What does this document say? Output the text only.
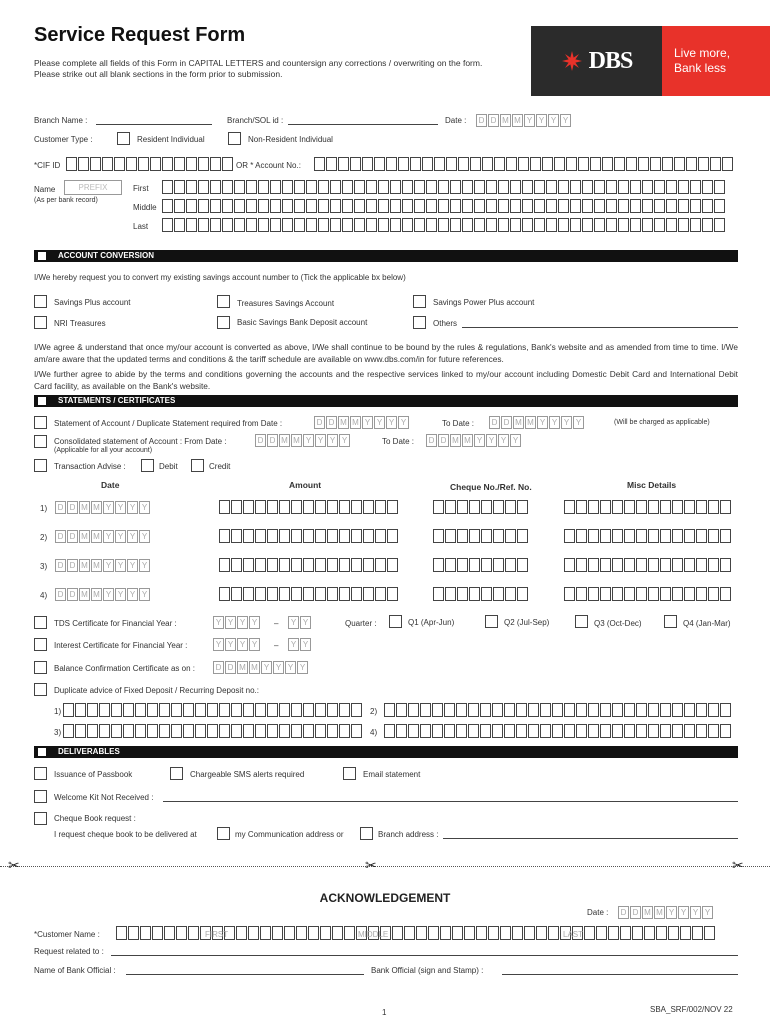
Service Request Form
Please complete all fields of this Form in CAPITAL LETTERS and countersign any corrections / overwriting on the form. Please strike out all blank sections in the form prior to submission.
DBS	Live more,
Bank less
Branch Name :	Branch/SOL id :	Date :	D D M M Y Y Y Y
Customer Type :	Resident Individual	Non-Resident Individual
*CIF ID	OR * Account No.:
Name
(As per bank record)
PREFIX	First
Middle
Last
ACCOUNT CONVERSION
I/We hereby request you to convert my existing savings account number to (Tick the applicable bx below)
Savings Plus account	Treasures Savings Account	Savings Power Plus account
NRI Treasures	Basic Savings Bank Deposit account	Others
I/We agree & understand that once my/our account is converted as above, I/We shall continue to be bound by the rules & regulations, Bank's website and as amended from time to time. I/We am/are aware that the updated terms and conditions & the tariff schedule are available on www.dbs.com/in for future references.
I/We further agree to abide by the terms and conditions governing the accounts and the respective services linked to my/our account including Domestic Debit Card and International Debit Card facility, as available on the Bank's website.
STATEMENTS / CERTIFICATES
Statement of Account / Duplicate Statement required from Date :	D D M M Y Y Y Y	To Date :	D D M M Y Y Y Y	(Will be charged as applicable)
Consolidated statement of Account : From Date :
(Applicable for all your account)
D D M M Y Y Y Y	To Date :	D D M M Y Y Y Y
Transaction Advise :	Debit	Credit
Date	Amount	Cheque No./Ref. No.	Misc Details
1)	D D M M Y Y Y Y
2)	D D M M Y Y Y Y
3)	D D M M Y Y Y Y
4)	D D M M Y Y Y Y
TDS Certificate for Financial Year :	Y Y Y Y	–	Y Y	Quarter :	Q1 (Apr-Jun)	Q2 (Jul-Sep)	Q3 (Oct-Dec)	Q4 (Jan-Mar)
Interest Certificate for Financial Year :	Y Y Y Y	–	Y Y
Balance Confirmation Certificate as on :	D D M M Y Y Y Y
Duplicate advice of Fixed Deposit / Recurring Deposit no.:
1)	2)
3)	4)
DELIVERABLES
Issuance of Passbook	Chargeable SMS alerts required	Email statement
Welcome Kit Not Received :
Cheque Book request :
I request cheque book to be delivered at	my Communication address or	Branch address :
✂	✂	✂
ACKNOWLEDGEMENT
Date :	D D M M Y Y Y Y
*Customer Name :	FIRST	MIDDLE	LAST
Request related to :
Name of Bank Official :	Bank Official (sign and Stamp) :
1	SBA_SRF/002/NOV 22
